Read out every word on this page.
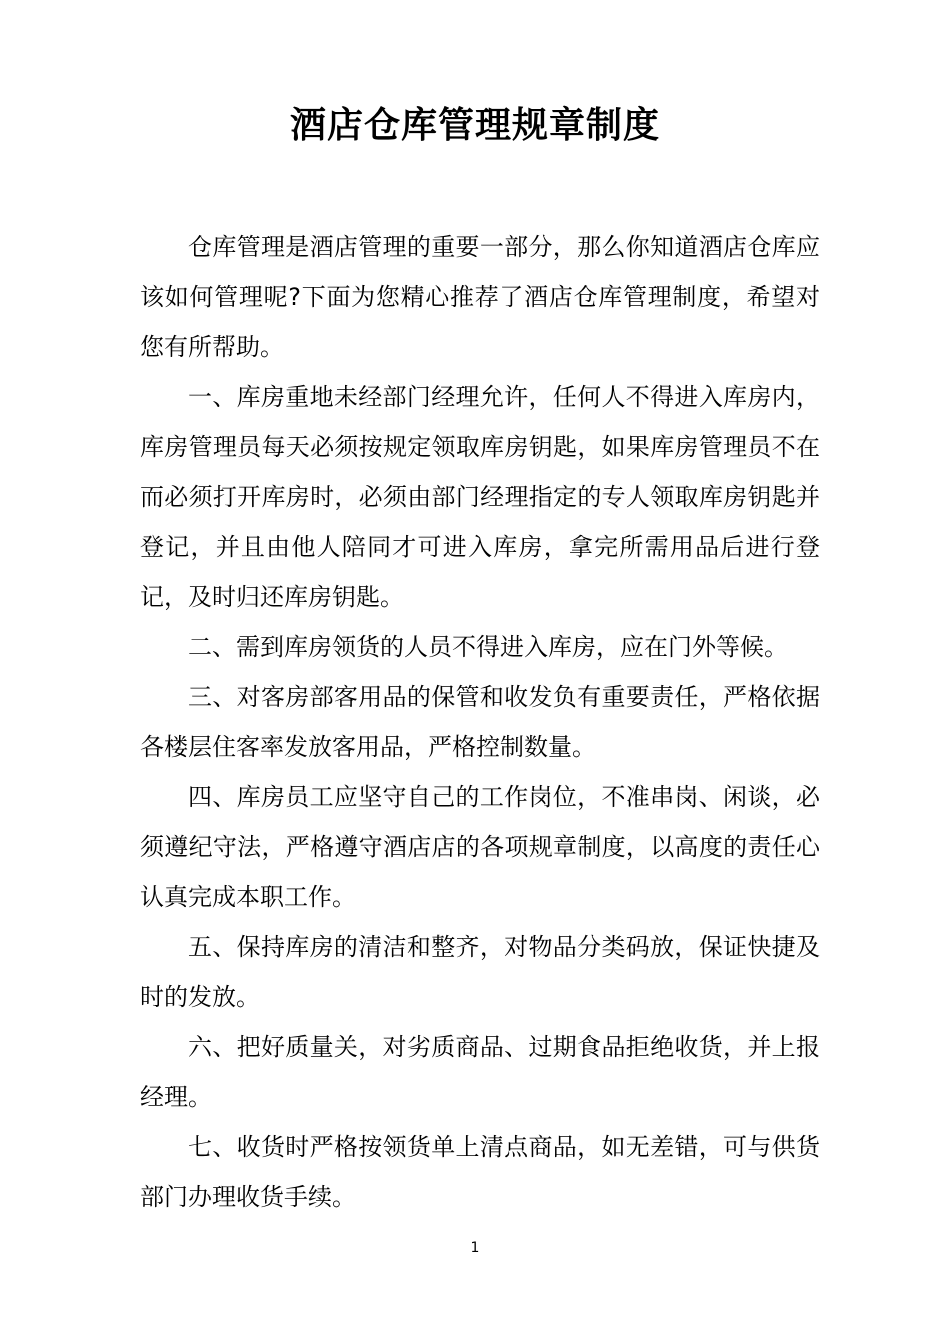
酒店仓库管理规章制度

仓库管理是酒店管理的重要一部分，那么你知道酒店仓库应该如何管理呢?下面为您精心推荐了酒店仓库管理制度，希望对您有所帮助。

一、库房重地未经部门经理允许，任何人不得进入库房内，库房管理员每天必须按规定领取库房钥匙，如果库房管理员不在而必须打开库房时，必须由部门经理指定的专人领取库房钥匙并登记，并且由他人陪同才可进入库房，拿完所需用品后进行登记，及时归还库房钥匙。

二、需到库房领货的人员不得进入库房，应在门外等候。

三、对客房部客用品的保管和收发负有重要责任，严格依据各楼层住客率发放客用品，严格控制数量。

四、库房员工应坚守自己的工作岗位，不准串岗、闲谈，必须遵纪守法，严格遵守酒店店的各项规章制度，以高度的责任心认真完成本职工作。

五、保持库房的清洁和整齐，对物品分类码放，保证快捷及时的发放。

六、把好质量关，对劣质商品、过期食品拒绝收货，并上报经理。

七、收货时严格按领货单上清点商品，如无差错，可与供货部门办理收货手续。

1
